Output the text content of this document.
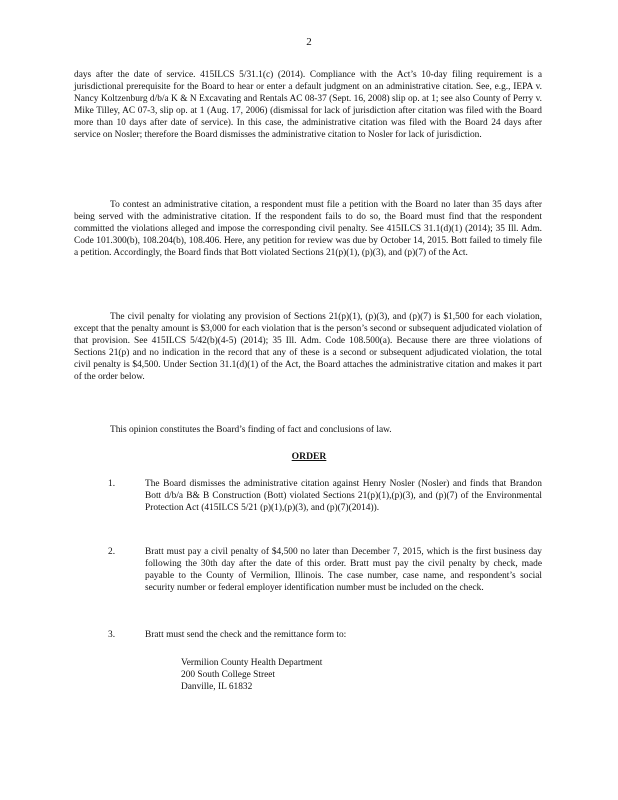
2

days after the date of service. 415ILCS 5/31.1(c) (2014). Compliance with the Act’s 10-day filing requirement is a jurisdictional prerequisite for the Board to hear or enter a default judgment on an administrative citation. See, e.g., IEPA v. Nancy Koltzenburg d/b/a K & N Excavating and Rentals AC 08-37 (Sept. 16, 2008) slip op. at 1; see also County of Perry v. Mike Tilley, AC 07-3, slip op. at 1 (Aug. 17, 2006) (dismissal for lack of jurisdiction after citation was filed with the Board more than 10 days after date of service). In this case, the administrative citation was filed with the Board 24 days after service on Nosler; therefore the Board dismisses the administrative citation to Nosler for lack of jurisdiction.

To contest an administrative citation, a respondent must file a petition with the Board no later than 35 days after being served with the administrative citation. If the respondent fails to do so, the Board must find that the respondent committed the violations alleged and impose the corresponding civil penalty. See 415ILCS 31.1(d)(1) (2014); 35 Ill. Adm. Code 101.300(b), 108.204(b), 108.406. Here, any petition for review was due by October 14, 2015. Bott failed to timely file a petition. Accordingly, the Board finds that Bott violated Sections 21(p)(1), (p)(3), and (p)(7) of the Act.

The civil penalty for violating any provision of Sections 21(p)(1), (p)(3), and (p)(7) is $1,500 for each violation, except that the penalty amount is $3,000 for each violation that is the person’s second or subsequent adjudicated violation of that provision. See 415ILCS 5/42(b)(4-5) (2014); 35 Ill. Adm. Code 108.500(a). Because there are three violations of Sections 21(p) and no indication in the record that any of these is a second or subsequent adjudicated violation, the total civil penalty is $4,500. Under Section 31.1(d)(1) of the Act, the Board attaches the administrative citation and makes it part of the order below.

This opinion constitutes the Board’s finding of fact and conclusions of law.

ORDER

1.	The Board dismisses the administrative citation against Henry Nosler (Nosler) and finds that Brandon Bott d/b/a B& B Construction (Bott) violated Sections 21(p)(1),(p)(3), and (p)(7) of the Environmental Protection Act (415ILCS 5/21 (p)(1),(p)(3), and (p)(7)(2014)).

2.	Bratt must pay a civil penalty of $4,500 no later than December 7, 2015, which is the first business day following the 30th day after the date of this order. Bratt must pay the civil penalty by check, made payable to the County of Vermilion, Illinois. The case number, case name, and respondent’s social security number or federal employer identification number must be included on the check.

3.	Bratt must send the check and the remittance form to:

Vermilion County Health Department
200 South College Street
Danville, IL 61832
